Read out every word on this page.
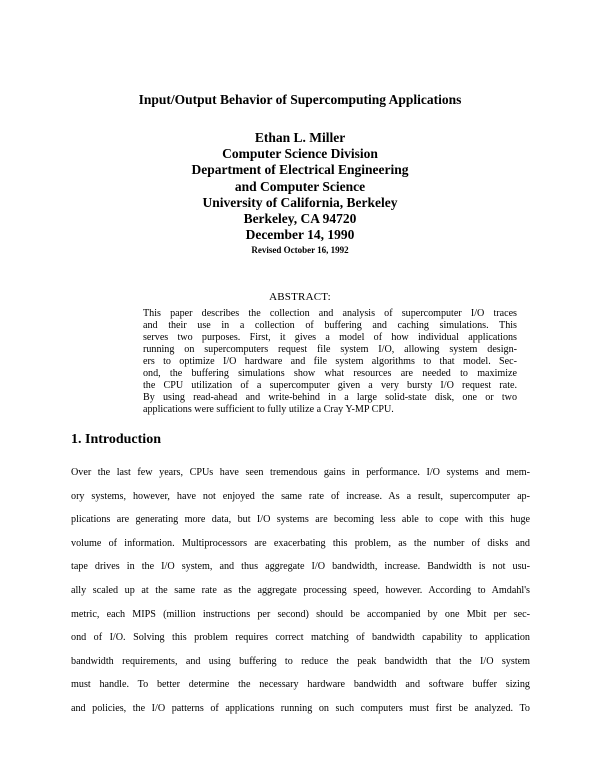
Input/Output Behavior of Supercomputing Applications
Ethan L. Miller
Computer Science Division
Department of Electrical Engineering
and Computer Science
University of California, Berkeley
Berkeley, CA 94720
December 14, 1990
Revised October 16, 1992
ABSTRACT:
This paper describes the collection and analysis of supercomputer I/O traces
and their use in a collection of buffering and caching simulations. This
serves two purposes. First, it gives a model of how individual applications
running on supercomputers request file system I/O, allowing system design-
ers to optimize I/O hardware and file system algorithms to that model. Sec-
ond, the buffering simulations show what resources are needed to maximize
the CPU utilization of a supercomputer given a very bursty I/O request rate.
By using read-ahead and write-behind in a large solid-state disk, one or two
applications were sufficient to fully utilize a Cray Y-MP CPU.
1. Introduction
Over the last few years, CPUs have seen tremendous gains in performance. I/O systems and mem-
ory systems, however, have not enjoyed the same rate of increase. As a result, supercomputer ap-
plications are generating more data, but I/O systems are becoming less able to cope with this huge
volume of information. Multiprocessors are exacerbating this problem, as the number of disks and
tape drives in the I/O system, and thus aggregate I/O bandwidth, increase. Bandwidth is not usu-
ally scaled up at the same rate as the aggregate processing speed, however. According to Amdahl's
metric, each MIPS (million instructions per second) should be accompanied by one Mbit per sec-
ond of I/O. Solving this problem requires correct matching of bandwidth capability to application
bandwidth requirements, and using buffering to reduce the peak bandwidth that the I/O system
must handle. To better determine the necessary hardware bandwidth and software buffer sizing
and policies, the I/O patterns of applications running on such computers must first be analyzed. To
